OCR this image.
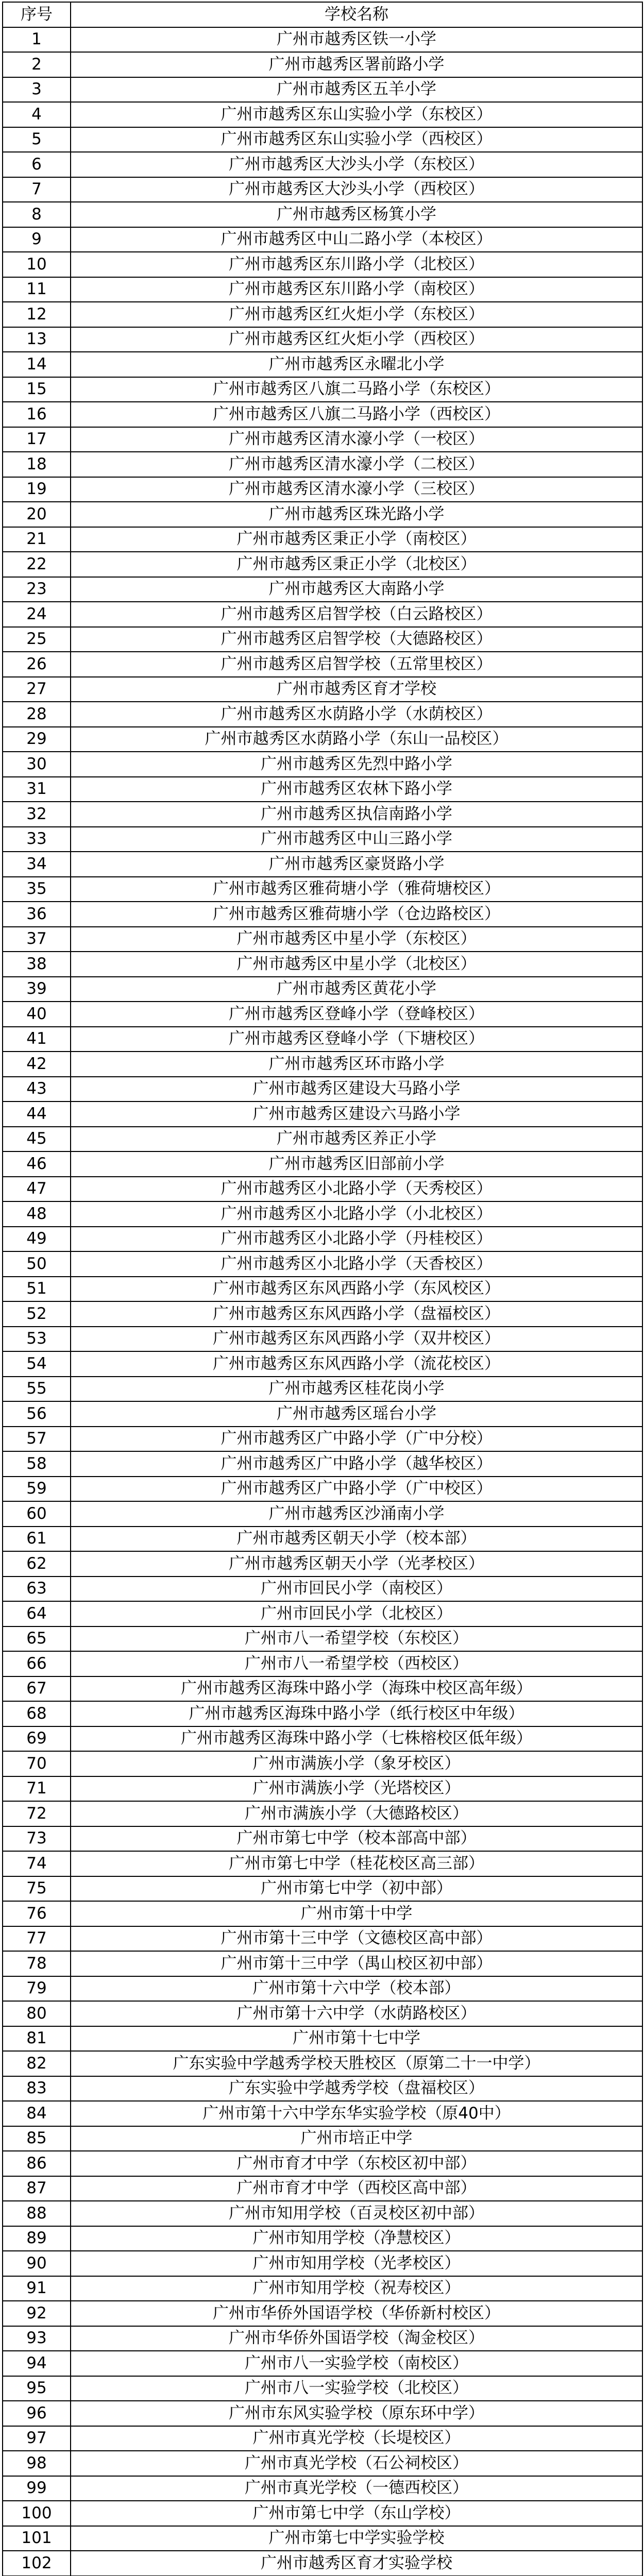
序号	学校名称
1	广州市越秀区铁一小学
2	广州市越秀区署前路小学
3	广州市越秀区五羊小学
4	广州市越秀区东山实验小学（东校区）
5	广州市越秀区东山实验小学（西校区）
6	广州市越秀区大沙头小学（东校区）
7	广州市越秀区大沙头小学（西校区）
8	广州市越秀区杨箕小学
9	广州市越秀区中山二路小学（本校区）
10	广州市越秀区东川路小学（北校区）
11	广州市越秀区东川路小学（南校区）
12	广州市越秀区红火炬小学（东校区）
13	广州市越秀区红火炬小学（西校区）
14	广州市越秀区永曜北小学
15	广州市越秀区八旗二马路小学（东校区）
16	广州市越秀区八旗二马路小学（西校区）
17	广州市越秀区清水濠小学（一校区）
18	广州市越秀区清水濠小学（二校区）
19	广州市越秀区清水濠小学（三校区）
20	广州市越秀区珠光路小学
21	广州市越秀区秉正小学（南校区）
22	广州市越秀区秉正小学（北校区）
23	广州市越秀区大南路小学
24	广州市越秀区启智学校（白云路校区）
25	广州市越秀区启智学校（大德路校区）
26	广州市越秀区启智学校（五常里校区）
27	广州市越秀区育才学校
28	广州市越秀区水荫路小学（水荫校区）
29	广州市越秀区水荫路小学（东山一品校区）
30	广州市越秀区先烈中路小学
31	广州市越秀区农林下路小学
32	广州市越秀区执信南路小学
33	广州市越秀区中山三路小学
34	广州市越秀区豪贤路小学
35	广州市越秀区雅荷塘小学（雅荷塘校区）
36	广州市越秀区雅荷塘小学（仓边路校区）
37	广州市越秀区中星小学（东校区）
38	广州市越秀区中星小学（北校区）
39	广州市越秀区黄花小学
40	广州市越秀区登峰小学（登峰校区）
41	广州市越秀区登峰小学（下塘校区）
42	广州市越秀区环市路小学
43	广州市越秀区建设大马路小学
44	广州市越秀区建设六马路小学
45	广州市越秀区养正小学
46	广州市越秀区旧部前小学
47	广州市越秀区小北路小学（天秀校区）
48	广州市越秀区小北路小学（小北校区）
49	广州市越秀区小北路小学（丹桂校区）
50	广州市越秀区小北路小学（天香校区）
51	广州市越秀区东风西路小学（东风校区）
52	广州市越秀区东风西路小学（盘福校区）
53	广州市越秀区东风西路小学（双井校区）
54	广州市越秀区东风西路小学（流花校区）
55	广州市越秀区桂花岗小学
56	广州市越秀区瑶台小学
57	广州市越秀区广中路小学（广中分校）
58	广州市越秀区广中路小学（越华校区）
59	广州市越秀区广中路小学（广中校区）
60	广州市越秀区沙涌南小学
61	广州市越秀区朝天小学（校本部）
62	广州市越秀区朝天小学（光孝校区）
63	广州市回民小学（南校区）
64	广州市回民小学（北校区）
65	广州市八一希望学校（东校区）
66	广州市八一希望学校（西校区）
67	广州市越秀区海珠中路小学（海珠中校区高年级）
68	广州市越秀区海珠中路小学（纸行校区中年级）
69	广州市越秀区海珠中路小学（七株榕校区低年级）
70	广州市满族小学（象牙校区）
71	广州市满族小学（光塔校区）
72	广州市满族小学（大德路校区）
73	广州市第七中学（校本部高中部）
74	广州市第七中学（桂花校区高三部）
75	广州市第七中学（初中部）
76	广州市第十中学
77	广州市第十三中学（文德校区高中部）
78	广州市第十三中学（禺山校区初中部）
79	广州市第十六中学（校本部）
80	广州市第十六中学（水荫路校区）
81	广州市第十七中学
82	广东实验中学越秀学校天胜校区（原第二十一中学）
83	广东实验中学越秀学校（盘福校区）
84	广州市第十六中学东华实验学校（原40中）
85	广州市培正中学
86	广州市育才中学（东校区初中部）
87	广州市育才中学（西校区高中部）
88	广州市知用学校（百灵校区初中部）
89	广州市知用学校（净慧校区）
90	广州市知用学校（光孝校区）
91	广州市知用学校（祝寿校区）
92	广州市华侨外国语学校（华侨新村校区）
93	广州市华侨外国语学校（淘金校区）
94	广州市八一实验学校（南校区）
95	广州市八一实验学校（北校区）
96	广州市东风实验学校（原东环中学）
97	广州市真光学校（长堤校区）
98	广州市真光学校（石公祠校区）
99	广州市真光学校（一德西校区）
100	广州市第七中学（东山学校）
101	广州市第七中学实验学校
102	广州市越秀区育才实验学校
